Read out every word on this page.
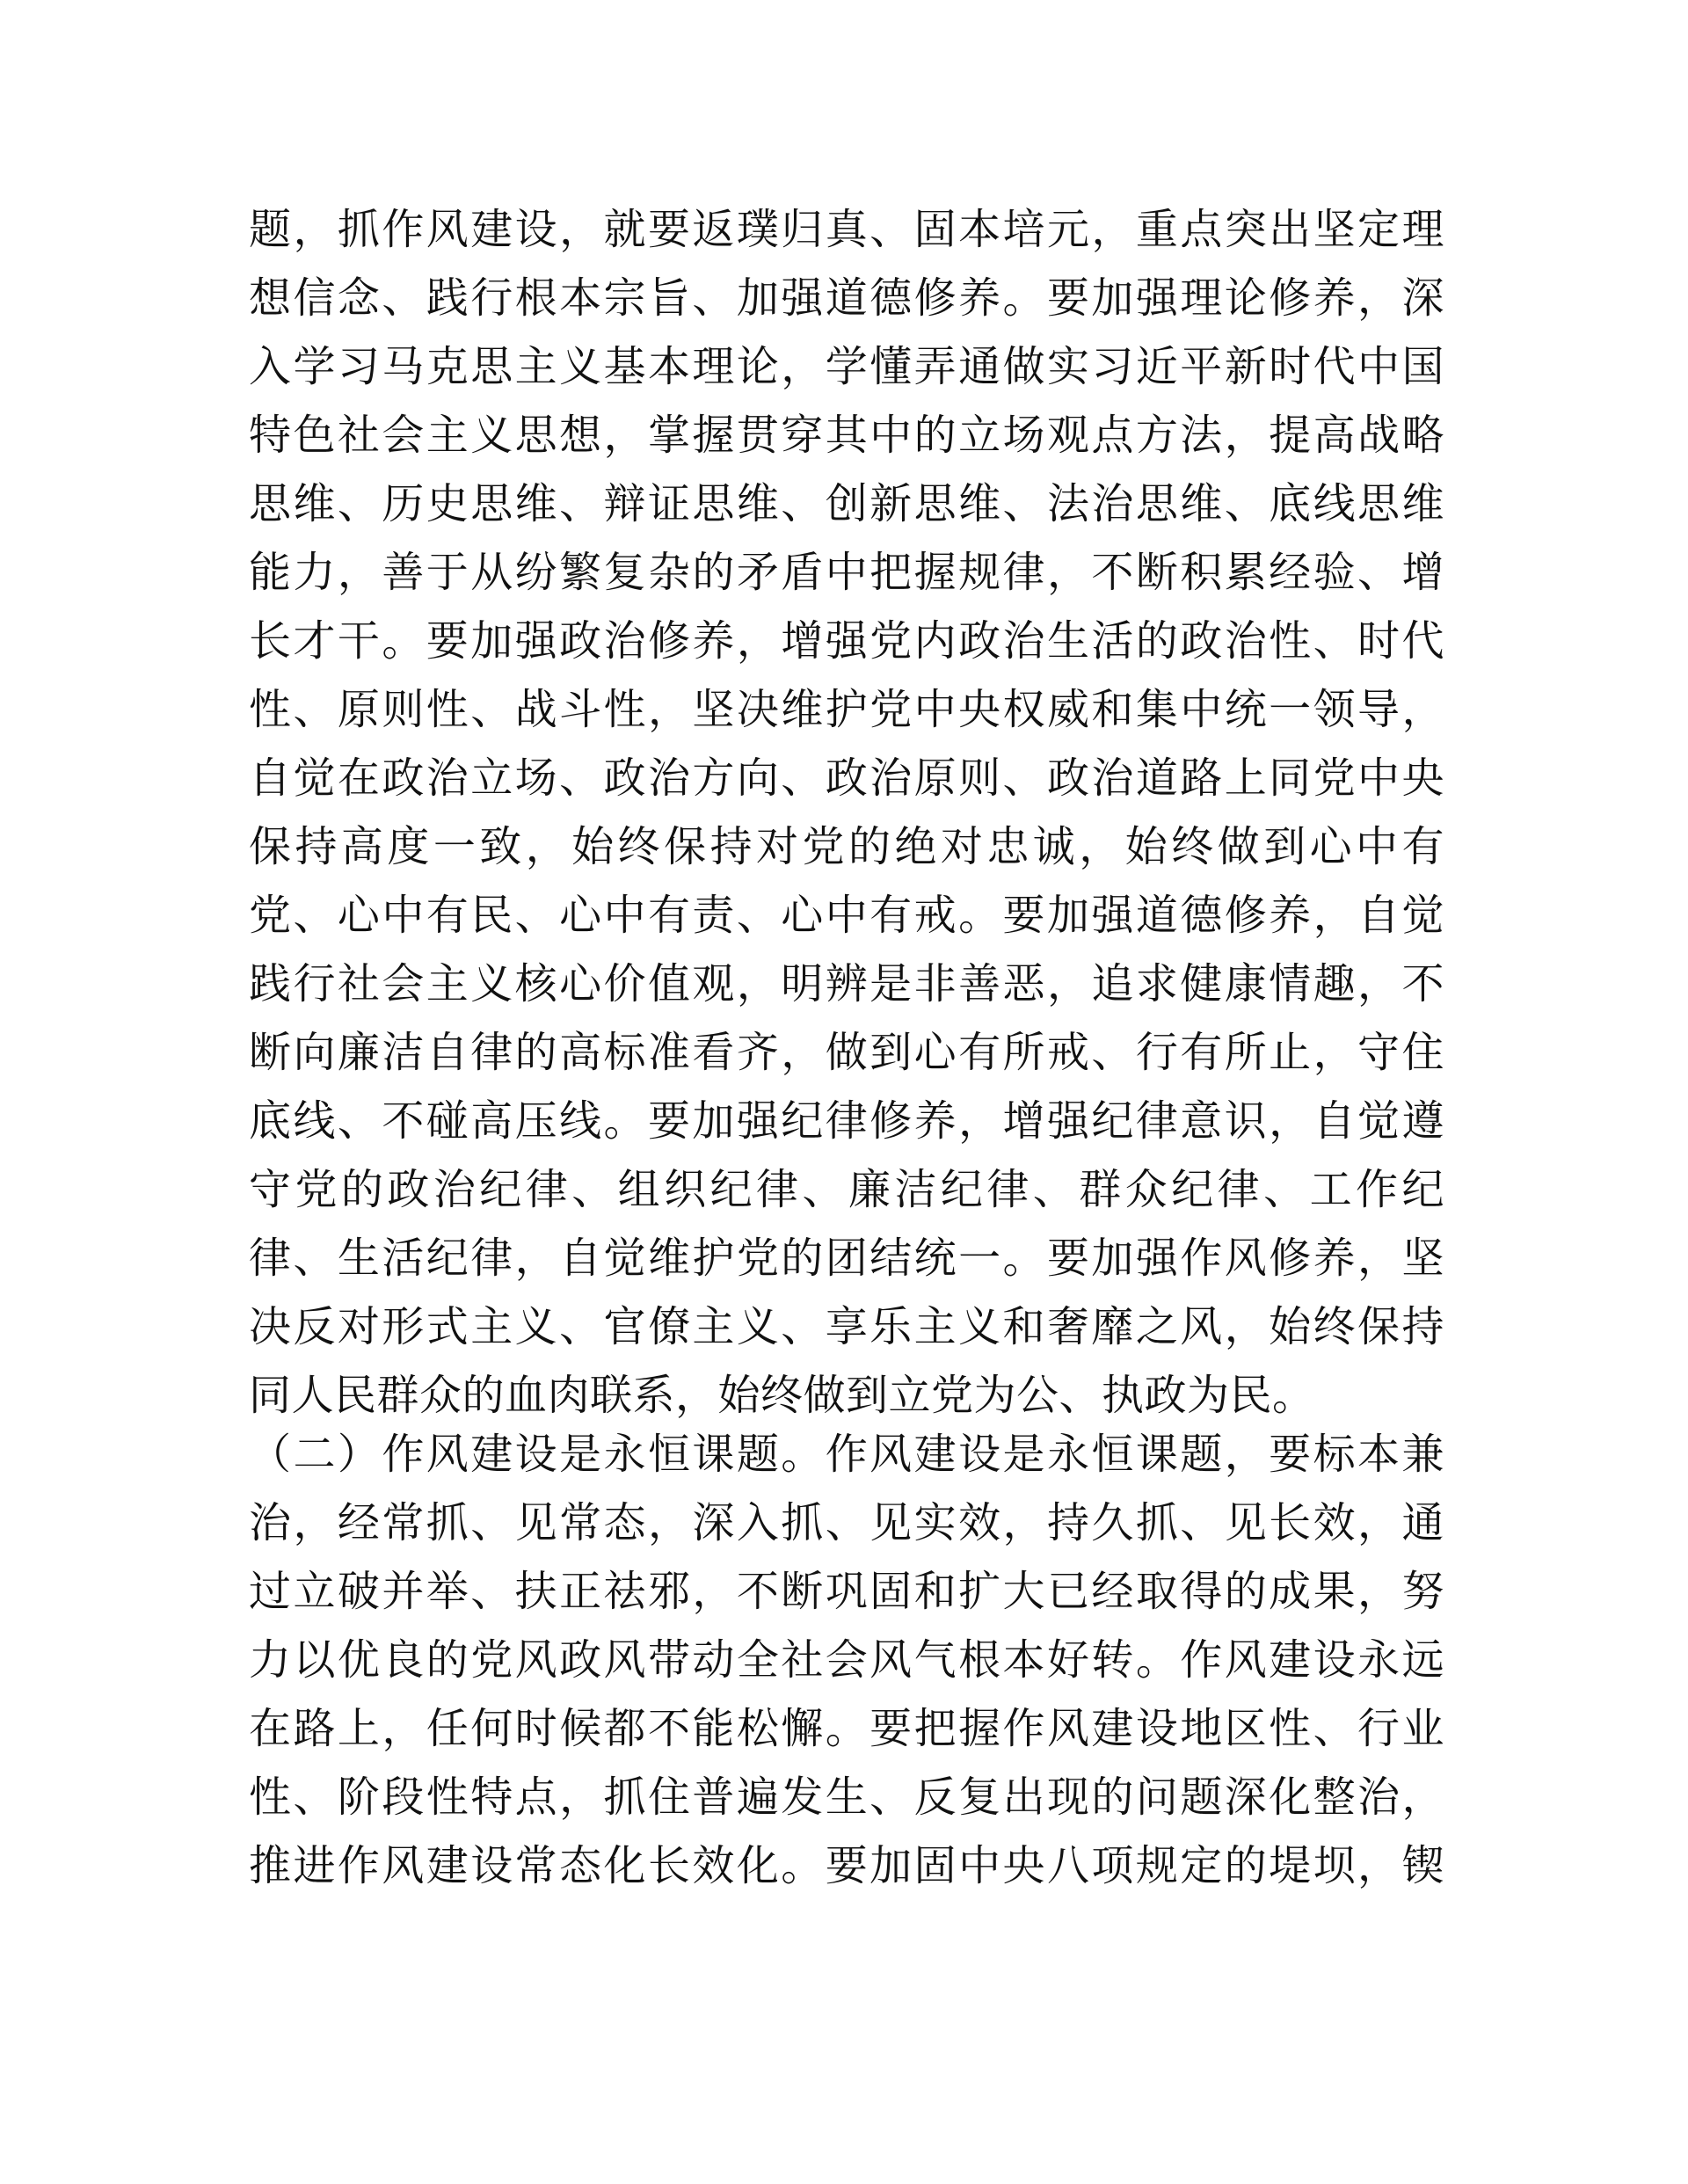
题，抓作风建设，就要返璞归真、固本培元，重点突出坚定理
想信念、践行根本宗旨、加强道德修养。要加强理论修养，深
入学习马克思主义基本理论，学懂弄通做实习近平新时代中国
特色社会主义思想，掌握贯穿其中的立场观点方法，提高战略
思维、历史思维、辩证思维、创新思维、法治思维、底线思维
能力，善于从纷繁复杂的矛盾中把握规律，不断积累经验、增
长才干。要加强政治修养，增强党内政治生活的政治性、时代
性、原则性、战斗性，坚决维护党中央权威和集中统一领导，
自觉在政治立场、政治方向、政治原则、政治道路上同党中央
保持高度一致，始终保持对党的绝对忠诚，始终做到心中有
党、心中有民、心中有责、心中有戒。要加强道德修养，自觉
践行社会主义核心价值观，明辨是非善恶，追求健康情趣，不
断向廉洁自律的高标准看齐，做到心有所戒、行有所止，守住
底线、不碰高压线。要加强纪律修养，增强纪律意识，自觉遵
守党的政治纪律、组织纪律、廉洁纪律、群众纪律、工作纪
律、生活纪律，自觉维护党的团结统一。要加强作风修养，坚
决反对形式主义、官僚主义、享乐主义和奢靡之风，始终保持
同人民群众的血肉联系，始终做到立党为公、执政为民。
（二）作风建设是永恒课题。作风建设是永恒课题，要标本兼
治，经常抓、见常态，深入抓、见实效，持久抓、见长效，通
过立破并举、扶正祛邪，不断巩固和扩大已经取得的成果，努
力以优良的党风政风带动全社会风气根本好转。作风建设永远
在路上，任何时候都不能松懈。要把握作风建设地区性、行业
性、阶段性特点，抓住普遍发生、反复出现的问题深化整治，
推进作风建设常态化长效化。要加固中央八项规定的堤坝，锲
